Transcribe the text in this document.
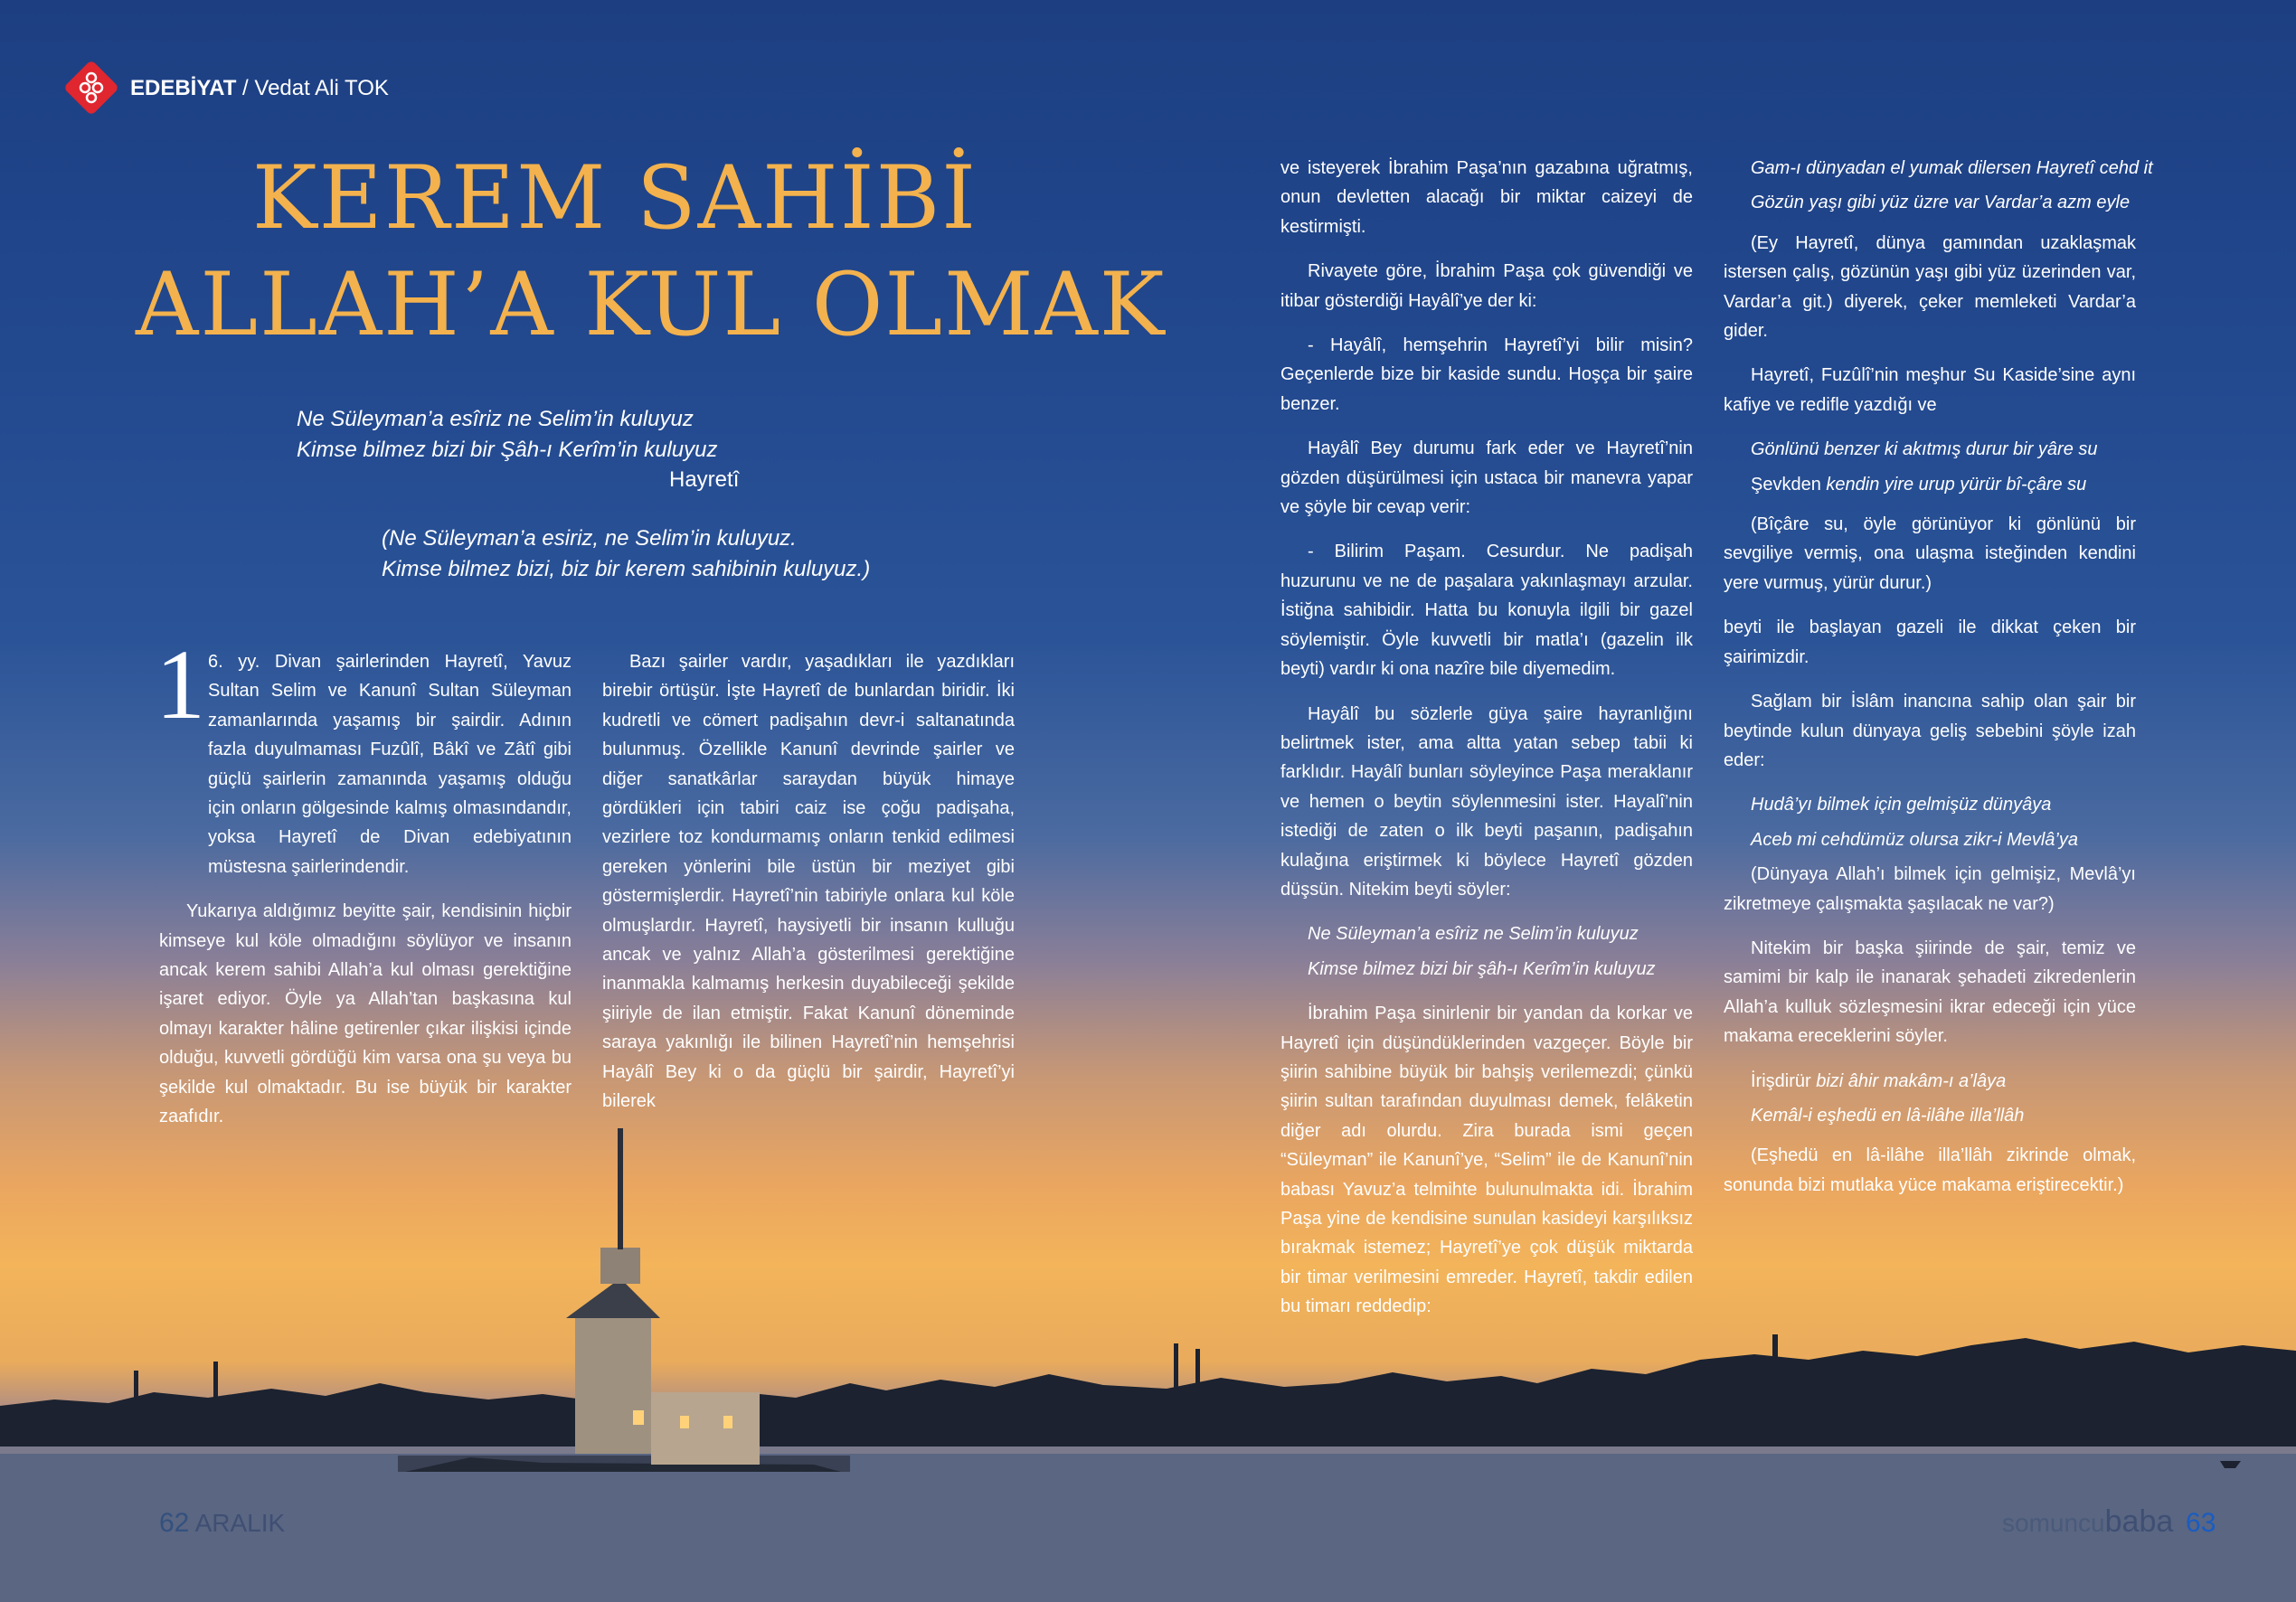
EDEBİYAT / Vedat Ali TOK
KEREM SAHİBİ
ALLAH’A KUL OLMAK
Ne Süleyman’a esîriz ne Selim’in kuluyuz
Kimse bilmez bizi bir Şâh-ı Kerîm’in kuluyuz
Hayretî
(Ne Süleyman’a esiriz, ne Selim’in kuluyuz.
Kimse bilmez bizi, biz bir kerem sahibinin kuluyuz.)
1 6. yy. Divan şairlerinden Hayretî, Yavuz Sultan Selim ve Kanunî Sultan Süleyman zamanlarında yaşamış bir şairdir. Adının fazla duyulmaması Fuzûlî, Bâkî ve Zâtî gibi güçlü şairlerin zamanında yaşamış olduğu için onların gölgesinde kalmış olmasındandır, yoksa Hayretî de Divan edebiyatının müstesna şairlerindendir.

Yukarıya aldığımız beyitte şair, kendisinin hiçbir kimseye kul köle olmadığını söylüyor ve insanın ancak kerem sahibi Allah’a kul olması gerektiğine işaret ediyor. Öyle ya Allah’tan başkasına kul olmayı karakter hâline getirenler çıkar ilişkisi içinde olduğu, kuvvetli gördüğü kim varsa ona şu veya bu şekilde kul olmaktadır. Bu ise büyük bir karakter zaafıdır.

Bazı şairler vardır, yaşadıkları ile yazdıkları birebir örtüşür. İşte Hayretî de bunlardan biridir. İki kudretli ve cömert padişahın devr-i saltanatında bulunmuş. Özellikle Kanunî devrinde şairler ve diğer sanatkârlar saraydan büyük himaye gördükleri için tabiri caiz ise çoğu padişaha, vezirlere toz kondurmamış onların tenkid edilmesi gereken yönlerini bile üstün bir meziyet gibi göstermişlerdir. Hayretî’nin tabiriyle onlara kul köle olmuşlardır. Hayretî, haysiyetli bir insanın kulluğu ancak ve yalnız Allah’a gösterilmesi gerektiğine inanmakla kalmamış herkesin duyabileceği şekilde şiiriyle de ilan etmiştir. Fakat Kanunî döneminde saraya yakınlığı ile bilinen Hayretî’nin hemşehrisi Hayâlî Bey ki o da güçlü bir şairdir, Hayretî’yi bilerek

ve isteyerek İbrahim Paşa’nın gazabına uğratmış, onun devletten alacağı bir miktar caizeyi de kestirmişti.

Rivayete göre, İbrahim Paşa çok güvendiği ve itibar gösterdiği Hayâlî’ye der ki:

- Hayâlî, hemşehrin Hayretî’yi bilir misin? Geçenlerde bize bir kaside sundu. Hoşça bir şaire benzer.

Hayâlî Bey durumu fark eder ve Hayretî’nin gözden düşürülmesi için ustaca bir manevra yapar ve şöyle bir cevap verir:

- Bilirim Paşam. Cesurdur. Ne padişah huzurunu ve ne de paşalara yakınlaşmayı arzular. İstiğna sahibidir. Hatta bu konuyla ilgili bir gazel söylemiştir. Öyle kuvvetli bir matla’ı (gazelin ilk beyti) vardır ki ona nazîre bile diyemedim.

Hayâlî bu sözlerle güya şaire hayranlığını belirtmek ister, ama altta yatan sebep tabii ki farklıdır. Hayâlî bunları söyleyince Paşa meraklanır ve hemen o beytin söylenmesini ister. Hayalî’nin istediği de zaten o ilk beyti paşanın, padişahın kulağına eriştirmek ki böylece Hayretî gözden düşsün. Nitekim beyti söyler:

Ne Süleyman’a esîriz ne Selim’in kuluyuz
Kimse bilmez bizi bir şâh-ı Kerîm’in kuluyuz

İbrahim Paşa sinirlenir bir yandan da korkar ve Hayretî için düşündüklerinden vazgeçer. Böyle bir şiirin sahibine büyük bir bahşiş verilemezdi; çünkü şiirin sultan tarafından duyulması demek, felâketin diğer adı olurdu. Zira burada ismi geçen “Süleyman” ile Kanunî’ye, “Selim” ile de Kanunî’nin babası Yavuz’a telmihte bulunulmakta idi. İbrahim Paşa yine de kendisine sunulan kasideyi karşılıksız bırakmak istemez; Hayretî’ye çok düşük miktarda bir timar verilmesini emreder. Hayretî, takdir edilen bu timarı reddedip:

Gam-ı dünyadan el yumak dilersen Hayretî cehd it
Gözün yaşı gibi yüz üzre var Vardar’a azm eyle

(Ey Hayretî, dünya gamından uzaklaşmak istersen çalış, gözünün yaşı gibi yüz üzerinden var, Vardar’a git.) diyerek, çeker memleketi Vardar’a gider.

Hayretî, Fuzûlî’nin meşhur Su Kaside’sine aynı kafiye ve redifle yazdığı ve

Gönlünü benzer ki akıtmış durur bir yâre su
Şevkden kendin yire urup yürür bî-çâre su

(Bîçâre su, öyle görünüyor ki gönlünü bir sevgiliye vermiş, ona ulaşma isteğinden kendini yere vurmuş, yürür durur.)

beyti ile başlayan gazeli ile dikkat çeken bir şairimizdir.

Sağlam bir İslâm inancına sahip olan şair bir beytinde kulun dünyaya geliş sebebini şöyle izah eder:

Hudâ’yı bilmek için gelmişüz dünyâya
Aceb mi cehdümüz olursa zikr-i Mevlâ’ya

(Dünyaya Allah’ı bilmek için gelmişiz, Mevlâ’yı zikretmeye çalışmakta şaşılacak ne var?)

Nitekim bir başka şiirinde de şair, temiz ve samimi bir kalp ile inanarak şehadeti zikredenlerin Allah’a kulluk sözleşmesini ikrar edeceği için yüce makama ereceklerini söyler.

İrişdirür bizi âhir makâm-ı a’lâya
Kemâl-i eşhedü en lâ-ilâhe illa’llâh

(Eşhedü en lâ-ilâhe illa’llâh zikrinde olmak, sonunda bizi mutlaka yüce makama eriştirecektir.)

62 ARALIK	somuncubaba 63
